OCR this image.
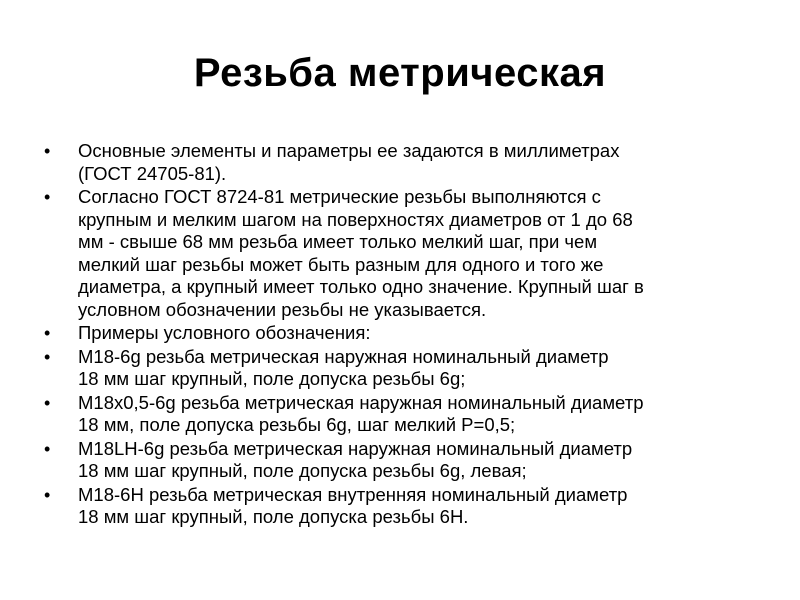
Резьба метрическая
•	Основные элементы и параметры ее задаются в миллиметрах
(ГОСТ 24705-81).
•	Согласно ГОСТ 8724-81 метрические резьбы выполняются с
крупным и мелким шагом на поверхностях диаметров от 1 до 68
мм - свыше 68 мм резьба имеет только мелкий шаг, при чем
мелкий шаг резьбы может быть разным для одного и того же
диаметра, а крупный имеет только одно значение. Крупный шаг в
условном обозначении резьбы не указывается.
•	Примеры условного обозначения:
•	М18-6g резьба метрическая наружная номинальный диаметр
18 мм шаг крупный, поле допуска резьбы 6g;
•	М18х0,5-6g резьба метрическая наружная номинальный диаметр
18 мм, поле допуска резьбы 6g, шаг мелкий Р=0,5;
•	М18LH-6g резьба метрическая наружная номинальный диаметр
18 мм шаг крупный, поле допуска резьбы 6g, левая;
•	М18-6Н резьба метрическая внутренняя номинальный диаметр
18 мм шаг крупный, поле допуска резьбы 6Н.
